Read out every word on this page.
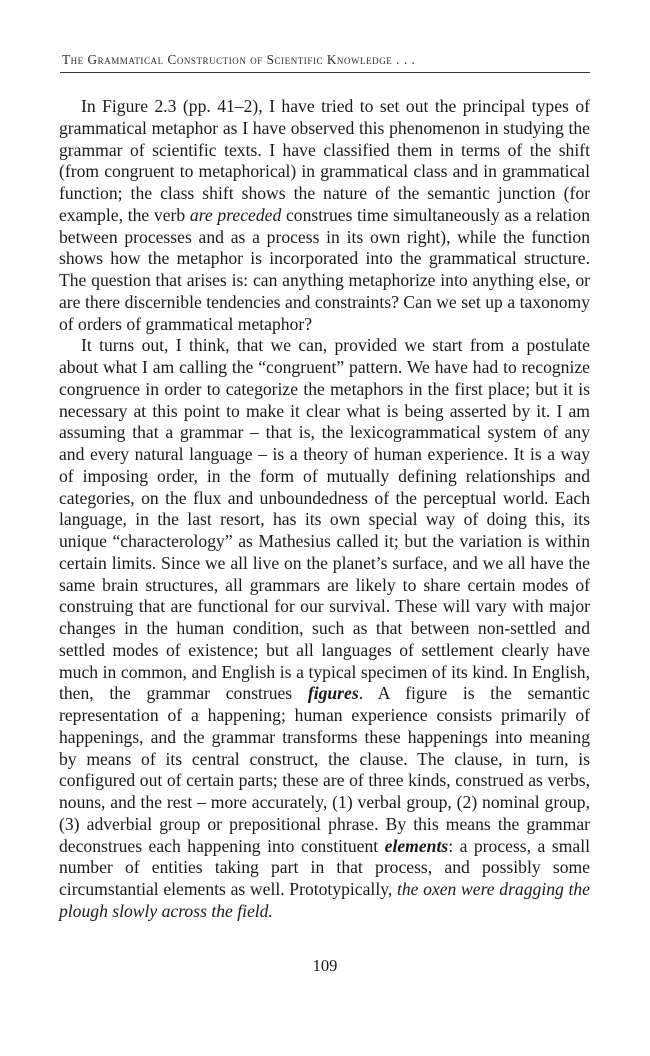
The Grammatical Construction of Scientific Knowledge . . .

In Figure 2.3 (pp. 41–2), I have tried to set out the principal types of grammatical metaphor as I have observed this phenomenon in studying the grammar of scientific texts. I have classified them in terms of the shift (from congruent to metaphorical) in grammatical class and in grammatical function; the class shift shows the nature of the semantic junction (for example, the verb are preceded construes time simultaneously as a relation between processes and as a process in its own right), while the function shows how the metaphor is incorporated into the grammatical structure. The question that arises is: can anything metaphorize into anything else, or are there discernible tendencies and constraints? Can we set up a taxonomy of orders of grammatical metaphor?

It turns out, I think, that we can, provided we start from a postulate about what I am calling the “congruent” pattern. We have had to recognize congruence in order to categorize the metaphors in the first place; but it is necessary at this point to make it clear what is being asserted by it. I am assuming that a grammar – that is, the lexicogrammatical system of any and every natural language – is a theory of human experience. It is a way of imposing order, in the form of mutually defining relationships and categories, on the flux and unboundedness of the perceptual world. Each language, in the last resort, has its own special way of doing this, its unique “characterology” as Mathesius called it; but the variation is within certain limits. Since we all live on the planet’s surface, and we all have the same brain structures, all grammars are likely to share certain modes of construing that are functional for our survival. These will vary with major changes in the human condition, such as that between non-settled and settled modes of existence; but all languages of settlement clearly have much in common, and English is a typical specimen of its kind. In English, then, the grammar construes figures. A figure is the semantic representation of a happening; human experience consists primarily of happenings, and the grammar transforms these happenings into meaning by means of its central construct, the clause. The clause, in turn, is configured out of certain parts; these are of three kinds, construed as verbs, nouns, and the rest – more accurately, (1) verbal group, (2) nominal group, (3) adverbial group or prepositional phrase. By this means the grammar deconstrues each happening into constituent elements: a process, a small number of entities taking part in that process, and possibly some circumstantial elements as well. Prototypically, the oxen were dragging the plough slowly across the field.

109
